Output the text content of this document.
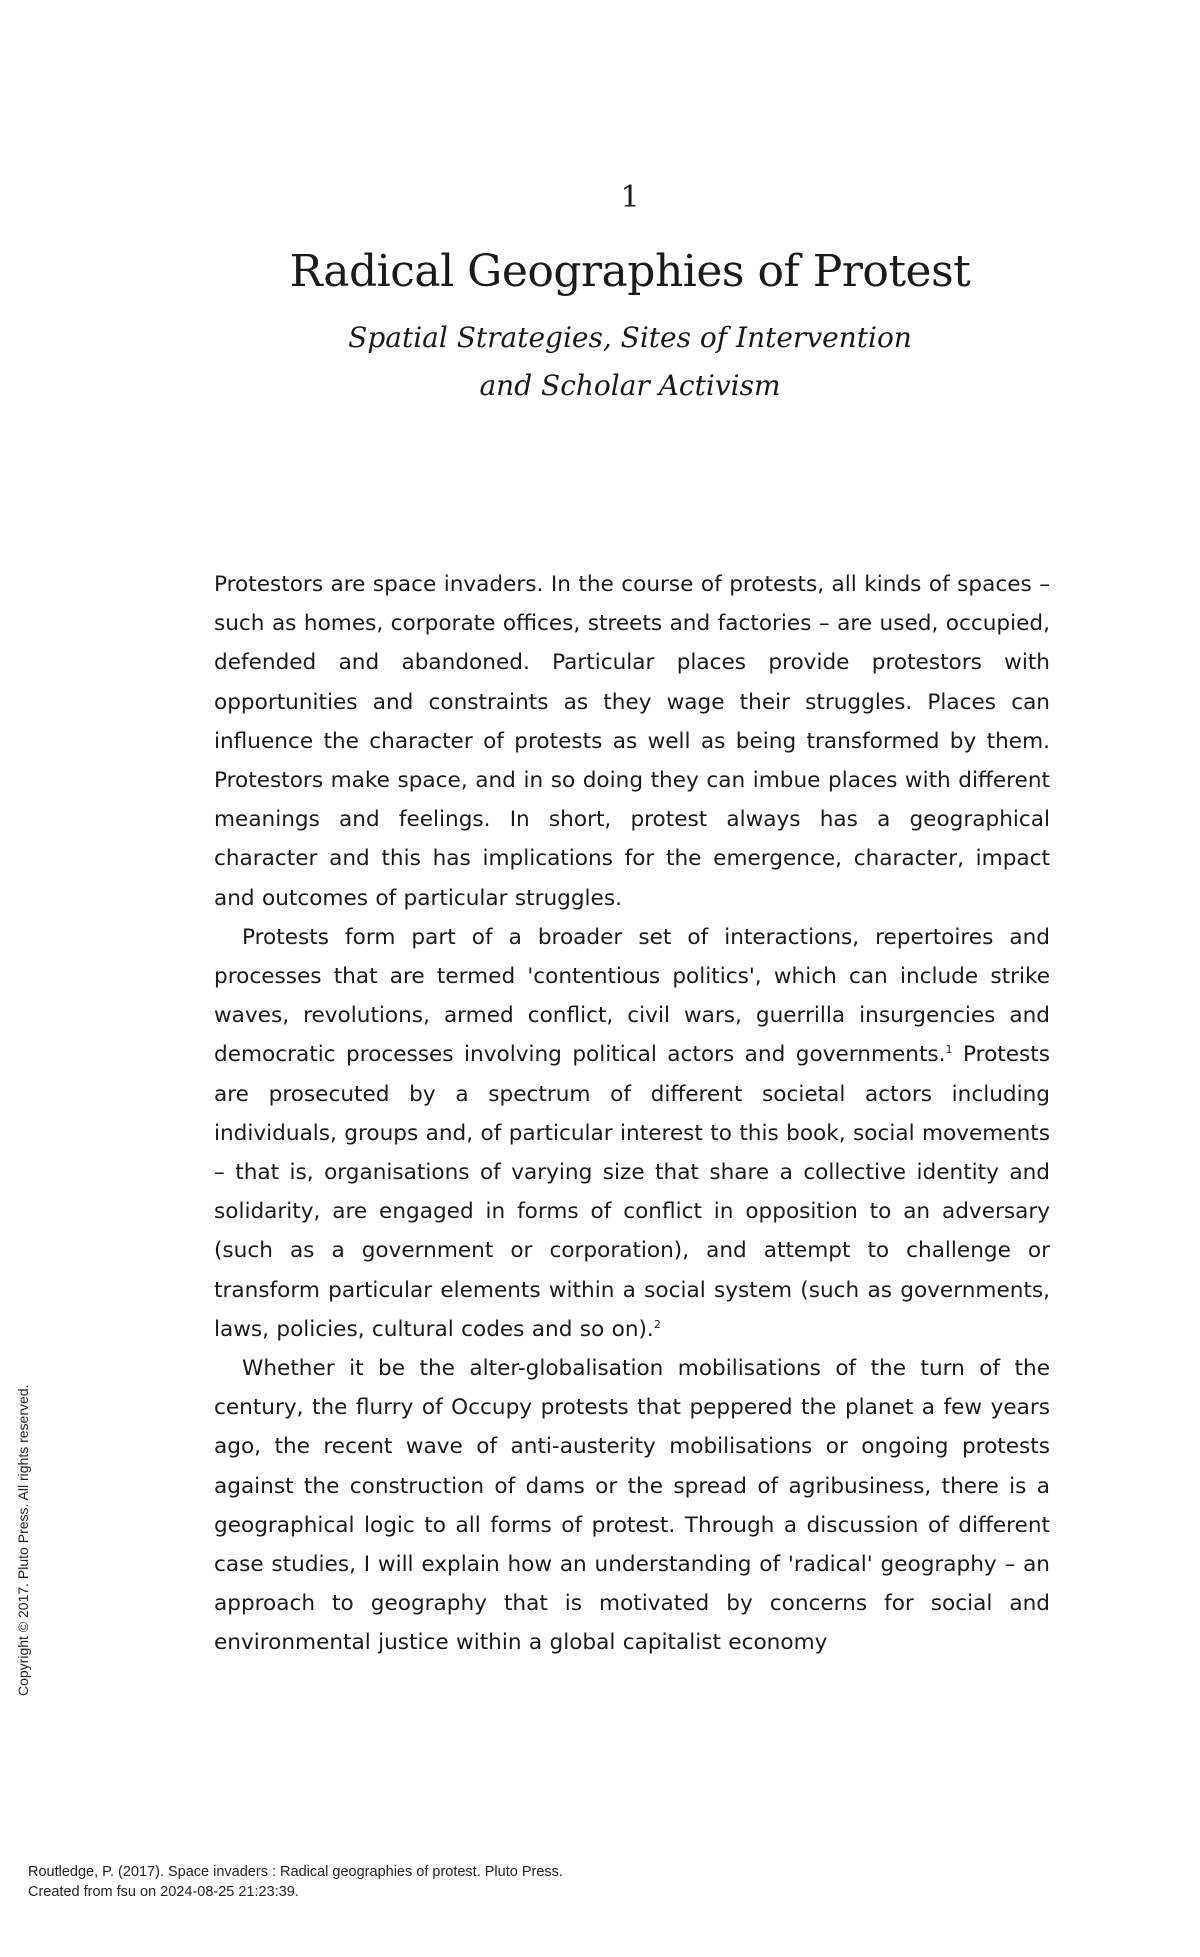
1
Radical Geographies of Protest
Spatial Strategies, Sites of Intervention
and Scholar Activism

Protestors are space invaders. In the course of protests, all kinds of spaces – such as homes, corporate offices, streets and factories – are used, occupied, defended and abandoned. Particular places provide protestors with opportunities and constraints as they wage their struggles. Places can influence the character of protests as well as being transformed by them. Protestors make space, and in so doing they can imbue places with different meanings and feelings. In short, protest always has a geographical character and this has implications for the emergence, character, impact and outcomes of particular struggles.

Protests form part of a broader set of interactions, repertoires and processes that are termed 'contentious politics', which can include strike waves, revolutions, armed conflict, civil wars, guerrilla insurgencies and democratic processes involving political actors and governments.$^1$ Protests are prosecuted by a spectrum of different societal actors including individuals, groups and, of particular interest to this book, social movements – that is, organisations of varying size that share a collective identity and solidarity, are engaged in forms of conflict in opposition to an adversary (such as a government or corporation), and attempt to challenge or transform particular elements within a social system (such as governments, laws, policies, cultural codes and so on).$^2$

Whether it be the alter-globalisation mobilisations of the turn of the century, the flurry of Occupy protests that peppered the planet a few years ago, the recent wave of anti-austerity mobilisations or ongoing protests against the construction of dams or the spread of agribusiness, there is a geographical logic to all forms of protest. Through a discussion of different case studies, I will explain how an understanding of 'radical' geography – an approach to geography that is motivated by concerns for social and environmental justice within a global capitalist economy

Copyright © 2017. Pluto Press. All rights reserved.
Routledge, P. (2017). Space invaders : Radical geographies of protest. Pluto Press.
Created from fsu on 2024-08-25 21:23:39.
